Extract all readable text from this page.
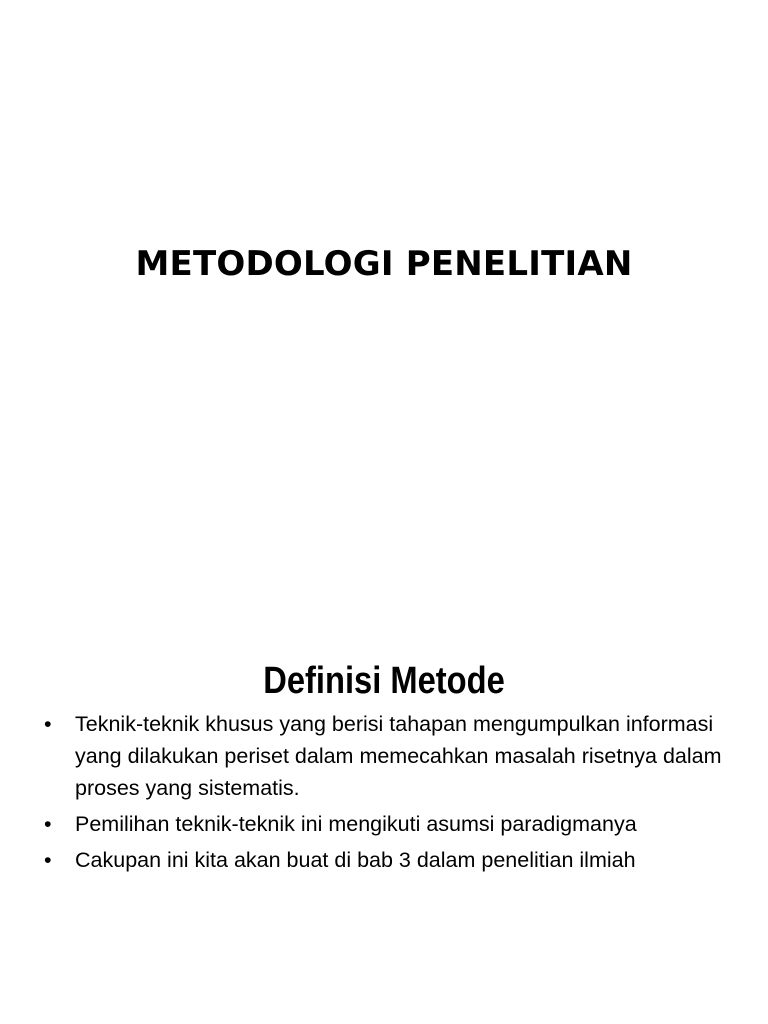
METODOLOGI PENELITIAN
Definisi Metode
• Teknik-teknik khusus yang berisi tahapan mengumpulkan informasi yang dilakukan periset dalam memecahkan masalah risetnya dalam proses yang sistematis.
• Pemilihan teknik-teknik ini mengikuti asumsi paradigmanya
• Cakupan ini kita akan buat di bab 3 dalam penelitian ilmiah
